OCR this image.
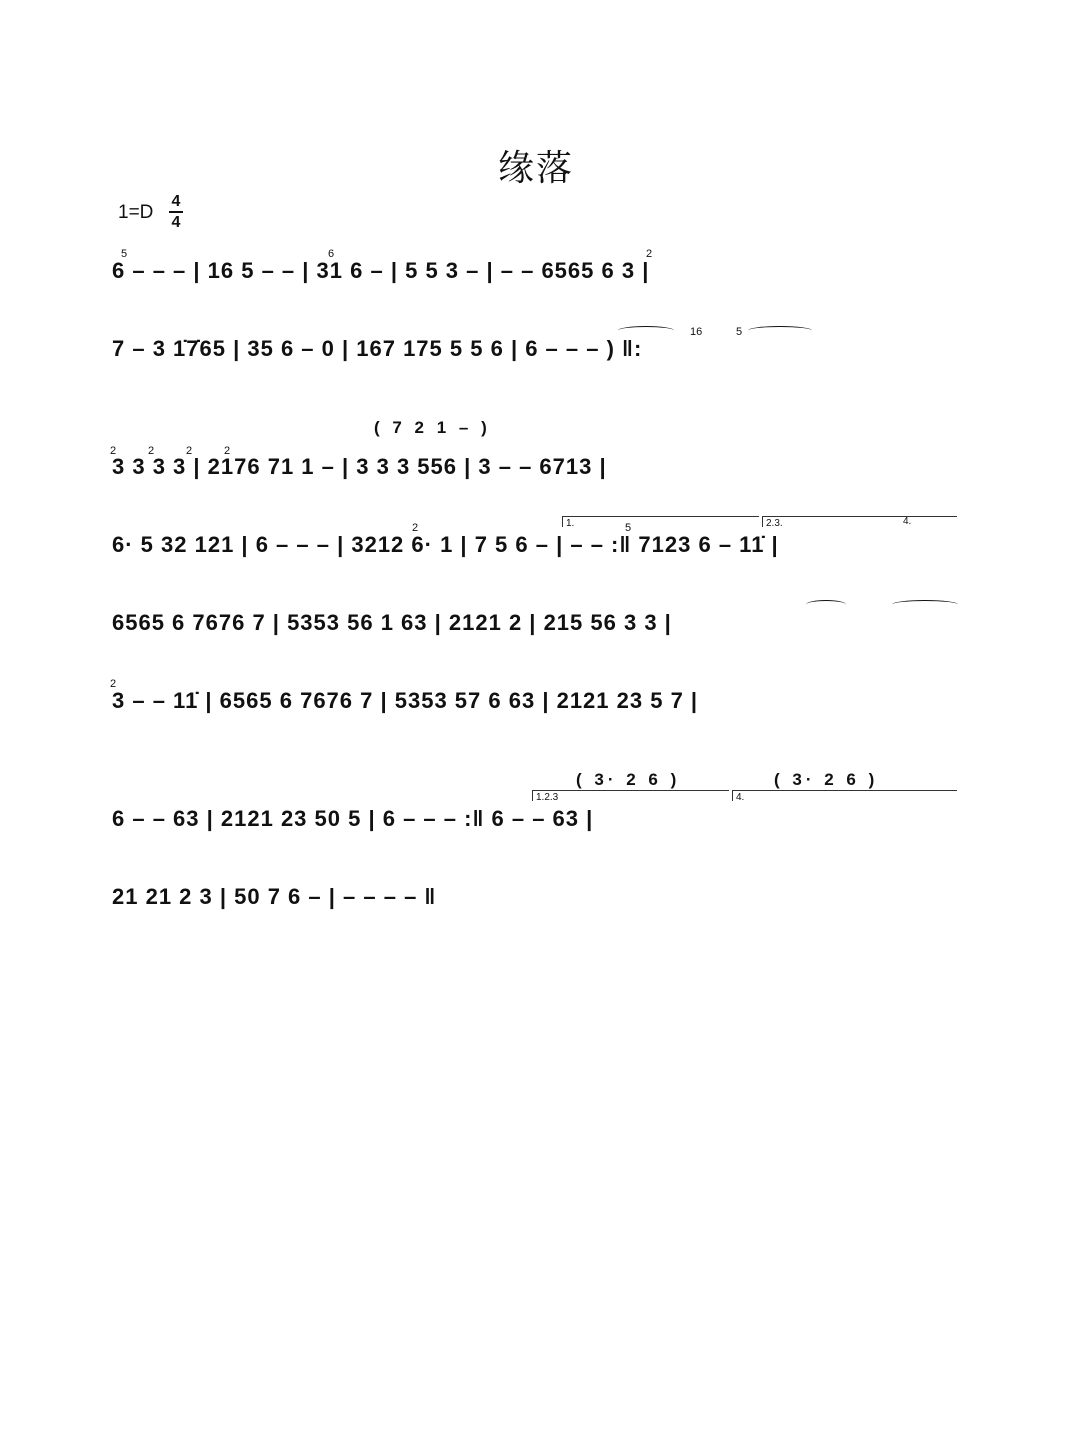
缘落
1=D
4
4
6 – – – | 16 5 – – | 31 6 – | 5 5 3 – | – – 6565 6 3 |
5	6	2
7 – 3 1̇7̇65 | 35 6 – 0 | 167 175 5 5 6 | 6 – – – ) ‖:
16	5
( 7 2 1 – )
3 3 3 3 | 2176 71 1 – | 3 3 3 556 | 3 – – 6713 |
2	2	2	2
1.	2.3.	4.
6· 5 32 121 | 6 – – – | 3212 6· 1 | 7 5 6 – | – – :‖ 7123 6 – 11̇ |
2	5
6565 6 7676 7 | 5353 56 1 63 | 2121 2 | 215 56 3 3 |
3 – – 11̇ | 6565 6 7676 7 | 5353 57 6 63 | 2121 23 5 7 |
2
( 3· 2 6 )	( 3· 2 6 )
1.2.3	4.
6 – – 63 | 2121 23 50 5 | 6 – – – :‖ 6 – – 63 |
21 21 2 3 | 50 7 6 – | – – – – ‖
